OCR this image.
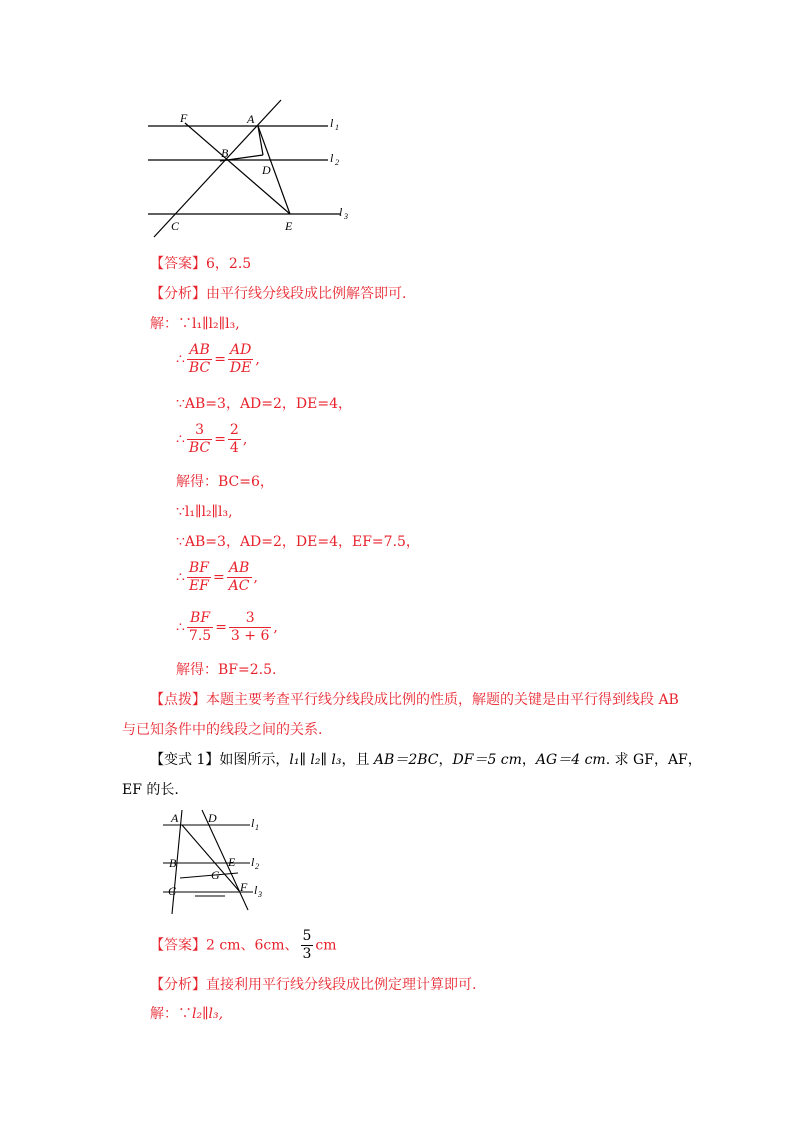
F	A
B
D
C	E
l 1
l 2
l 3
【答案】6，2.5
【分析】由平行线分线段成比例解答即可.
解：∵l₁∥l₂∥l₃,
∴ $\frac{AB}{BC} = \frac{AD}{DE}$ ,
∵AB=3，AD=2，DE=4，
∴ $\frac{3}{BC} = \frac{2}{4}$ ,
解得：BC=6，
∵l₁∥l₂∥l₃,
∵AB=3，AD=2，DE=4，EF=7.5，
∴ $\frac{BF}{EF} = \frac{AB}{AC}$ ,
∴ $\frac{BF}{7.5} = \frac{3}{3 + 6}$ ,
解得：BF=2.5.
【点拨】本题主要考查平行线分线段成比例的性质，解题的关键是由平行得到线段 AB
与已知条件中的线段之间的关系.
【变式 1】如图所示，l₁∥ l₂∥ l₃，且 AB＝2BC，DF＝5 cm，AG＝4 cm. 求 GF，AF，
EF 的长.
A D
B	E
G
C	F
l 1
l 2
l 3
【答案】2 cm、6cm、 $\frac{5}{3}$ cm
【分析】直接利用平行线分线段成比例定理计算即可.
解：∵l₂∥l₃,
